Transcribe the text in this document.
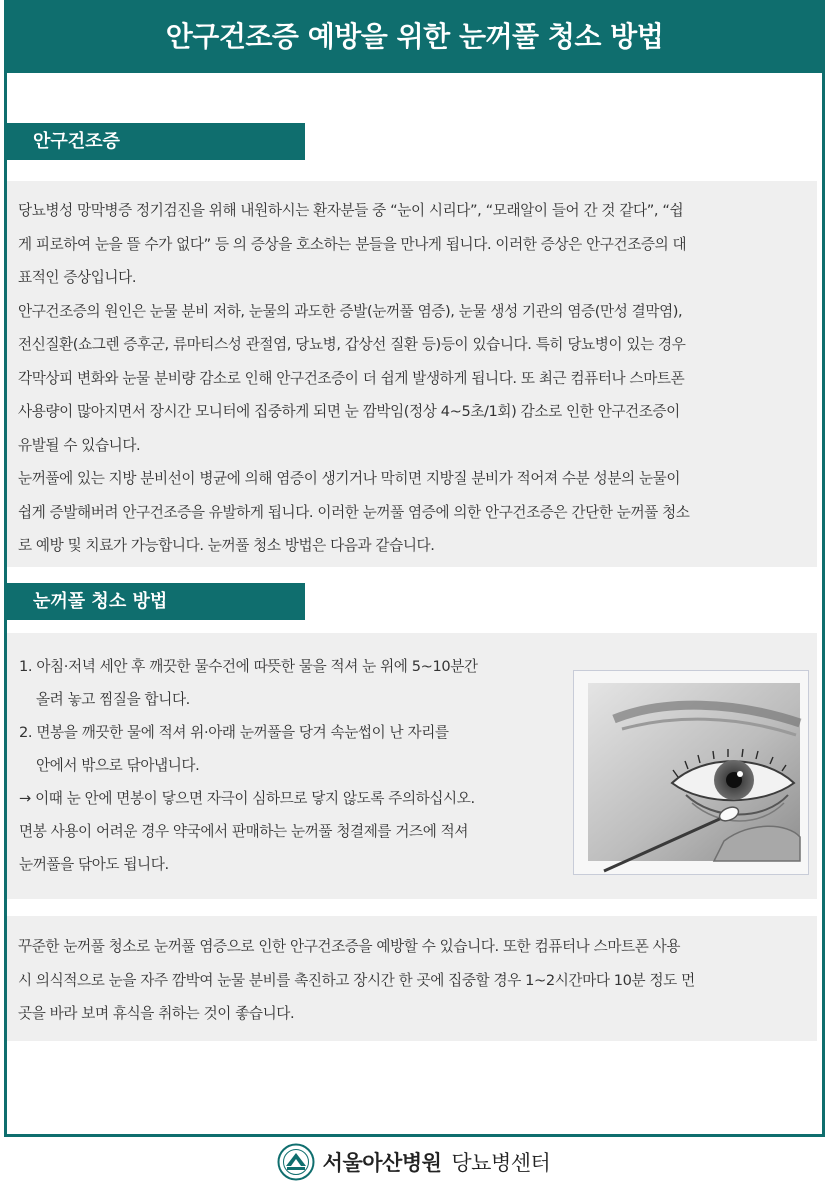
안구건조증 예방을 위한 눈꺼풀 청소 방법
안구건조증

당뇨병성 망막병증 정기검진을 위해 내원하시는 환자분들 중 “눈이 시리다”, “모래알이 들어 간 것 같다”, “쉽
게 피로하여 눈을 뜰 수가 없다” 등 의 증상을 호소하는 분들을 만나게 됩니다. 이러한 증상은 안구건조증의 대
표적인 증상입니다.

안구건조증의 원인은 눈물 분비 저하, 눈물의 과도한 증발(눈꺼풀 염증), 눈물 생성 기관의 염증(만성 결막염),
전신질환(쇼그렌 증후군, 류마티스성 관절염, 당뇨병, 갑상선 질환 등)등이 있습니다. 특히 당뇨병이 있는 경우
각막상피 변화와 눈물 분비량 감소로 인해 안구건조증이 더 쉽게 발생하게 됩니다. 또 최근 컴퓨터나 스마트폰
사용량이 많아지면서 장시간 모니터에 집중하게 되면 눈 깜박임(정상 4~5초/1회) 감소로 인한 안구건조증이
유발될 수 있습니다.

눈꺼풀에 있는 지방 분비선이 병균에 의해 염증이 생기거나 막히면 지방질 분비가 적어져 수분 성분의 눈물이
쉽게 증발해버려 안구건조증을 유발하게 됩니다. 이러한 눈꺼풀 염증에 의한 안구건조증은 간단한 눈꺼풀 청소
로 예방 및 치료가 가능합니다. 눈꺼풀 청소 방법은 다음과 같습니다.

눈꺼풀 청소 방법
1. 아침·저녁 세안 후 깨끗한 물수건에 따뜻한 물을 적셔 눈 위에 5~10분간
올려 놓고 찜질을 합니다.
2. 면봉을 깨끗한 물에 적셔 위·아래 눈꺼풀을 당겨 속눈썹이 난 자리를
안에서 밖으로 닦아냅니다.
→ 이때 눈 안에 면봉이 닿으면 자극이 심하므로 닿지 않도록 주의하십시오.
면봉 사용이 어려운 경우 약국에서 판매하는 눈꺼풀 청결제를 거즈에 적셔
눈꺼풀을 닦아도 됩니다.

꾸준한 눈꺼풀 청소로 눈꺼풀 염증으로 인한 안구건조증을 예방할 수 있습니다. 또한 컴퓨터나 스마트폰 사용
시 의식적으로 눈을 자주 깜박여 눈물 분비를 촉진하고 장시간 한 곳에 집중할 경우 1~2시간마다 10분 정도 먼
곳을 바라 보며 휴식을 취하는 것이 좋습니다.

서울아산병원 당뇨병센터
